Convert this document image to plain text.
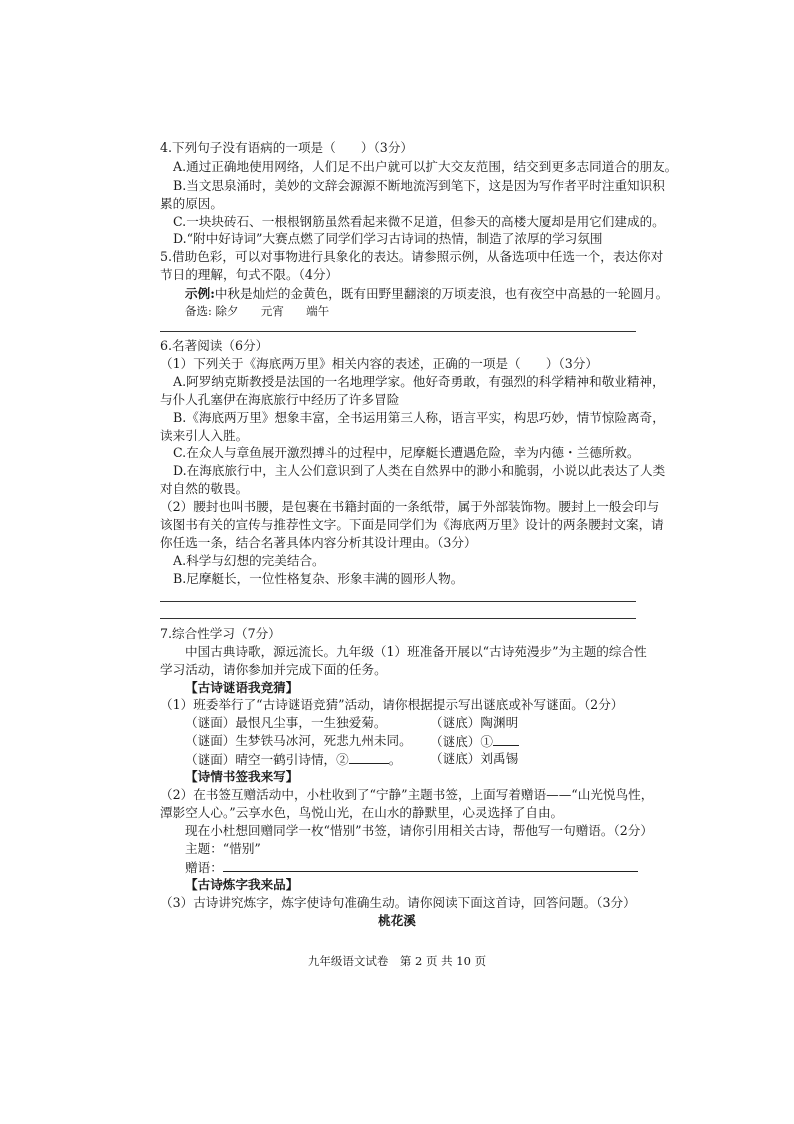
4.下列句子没有语病的一项是（　　）（3分）
A.通过正确地使用网络，人们足不出户就可以扩大交友范围，结交到更多志同道合的朋友。
B.当文思泉涌时，美妙的文辞会源源不断地流泻到笔下，这是因为写作者平时注重知识积
累的原因。
C.一块块砖石、一根根钢筋虽然看起来微不足道，但参天的高楼大厦却是用它们建成的。
D.“附中好诗词”大赛点燃了同学们学习古诗词的热情，制造了浓厚的学习氛围
5.借助色彩，可以对事物进行具象化的表达。请参照示例，从备选项中任选一个，表达你对
节日的理解，句式不限。（4分）
示例:中秋是灿烂的金黄色，既有田野里翻滚的万顷麦浪，也有夜空中高悬的一轮圆月。
备选: 除夕 元宵 端午
6.名著阅读（6分）
（1）下列关于《海底两万里》相关内容的表述，正确的一项是（　　）（3分）
A.阿罗纳克斯教授是法国的一名地理学家。他好奇勇敢，有强烈的科学精神和敬业精神，
与仆人孔塞伊在海底旅行中经历了许多冒险
B.《海底两万里》想象丰富，全书运用第三人称，语言平实，构思巧妙，情节惊险离奇，
读来引人入胜。
C.在众人与章鱼展开激烈搏斗的过程中，尼摩艇长遭遇危险，幸为内德・兰德所救。
D.在海底旅行中，主人公们意识到了人类在自然界中的渺小和脆弱，小说以此表达了人类
对自然的敬畏。
（2）腰封也叫书腰，是包裹在书籍封面的一条纸带，属于外部装饰物。腰封上一般会印与
该图书有关的宣传与推荐性文字。下面是同学们为《海底两万里》设计的两条腰封文案，请
你任选一条，结合名著具体内容分析其设计理由。（3分）
A.科学与幻想的完美结合。
B.尼摩艇长，一位性格复杂、形象丰满的圆形人物。
7.综合性学习（7分）
中国古典诗歌，源远流长。九年级（1）班准备开展以“古诗苑漫步”为主题的综合性
学习活动，请你参加并完成下面的任务。
【古诗谜语我竞猜】
（1）班委举行了“古诗谜语竞猜”活动，请你根据提示写出谜底或补写谜面。（2分）
（谜面）最恨凡尘事，一生独爱菊。	（谜底）陶渊明
（谜面）生梦铁马冰河，死悲九州未同。 （谜底）①
（谜面）晴空一鹤引诗情，②	。 （谜底）刘禹锡
【诗情书签我来写】
（2）在书签互赠活动中，小杜收到了“宁静”主题书签，上面写着赠语——“山光悦鸟性，
潭影空人心。”云享水色，鸟悦山光，在山水的静默里，心灵选择了自由。
现在小杜想回赠同学一枚“惜别”书签，请你引用相关古诗，帮他写一句赠语。（2分）
主题：“惜别”
赠语：
【古诗炼字我来品】
（3）古诗讲究炼字，炼字使诗句准确生动。请你阅读下面这首诗，回答问题。（3分）
桃花溪
九年级语文试卷　第 2 页 共 10 页
